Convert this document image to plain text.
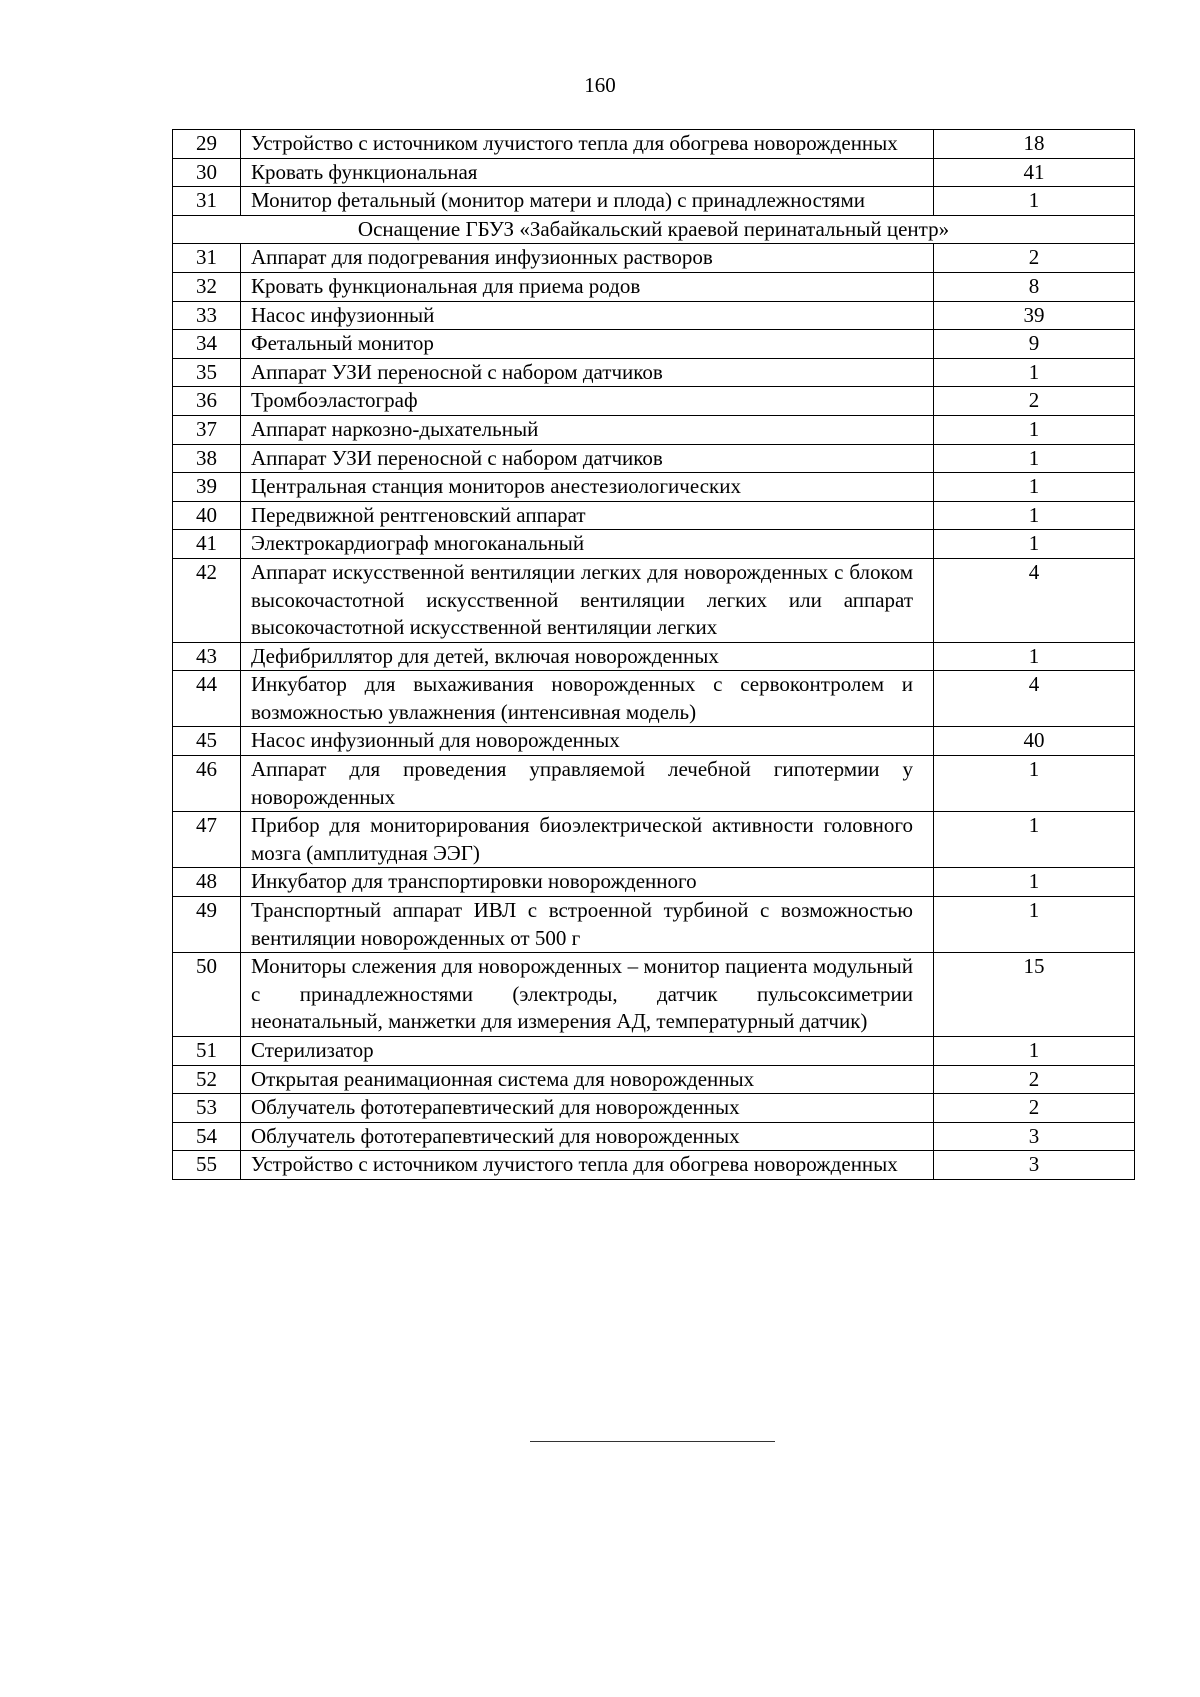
160
29	Устройство с источником лучистого тепла для обогрева новорожденных	18
30	Кровать функциональная	41
31	Монитор фетальный (монитор матери и плода) с принадлежностями	1
Оснащение ГБУЗ «Забайкальский краевой перинатальный центр»		
31	Аппарат для подогревания инфузионных растворов	2
32	Кровать функциональная для приема родов	8
33	Насос инфузионный	39
34	Фетальный монитор	9
35	Аппарат УЗИ переносной с набором датчиков	1
36	Тромбоэластограф	2
37	Аппарат наркозно-дыхательный	1
38	Аппарат УЗИ переносной с набором датчиков	1
39	Центральная станция мониторов анестезиологических	1
40	Передвижной рентгеновский аппарат	1
41	Электрокардиограф многоканальный	1
42	Аппарат искусственной вентиляции легких для новорожденных с блоком высокочастотной искусственной вентиляции легких или аппарат высокочастотной искусственной вентиляции легких	4
43	Дефибриллятор для детей, включая новорожденных	1
44	Инкубатор для выхаживания новорожденных с сервоконтролем и возможностью увлажнения (интенсивная модель)	4
45	Насос инфузионный для новорожденных	40
46	Аппарат для проведения управляемой лечебной гипотермии у новорожденных	1
47	Прибор для мониторирования биоэлектрической активности головного мозга (амплитудная ЭЭГ)	1
48	Инкубатор для транспортировки новорожденного	1
49	Транспортный аппарат ИВЛ с встроенной турбиной с возможностью вентиляции новорожденных от 500 г	1
50	Мониторы слежения для новорожденных – монитор пациента модульный с принадлежностями (электроды, датчик пульсоксиметрии неонатальный, манжетки для измерения АД, температурный датчик)	15
51	Стерилизатор	1
52	Открытая реанимационная система для новорожденных	2
53	Облучатель фототерапевтический для новорожденных	2
54	Облучатель фототерапевтический для новорожденных	3
55	Устройство с источником лучистого тепла для обогрева новорожденных	3
